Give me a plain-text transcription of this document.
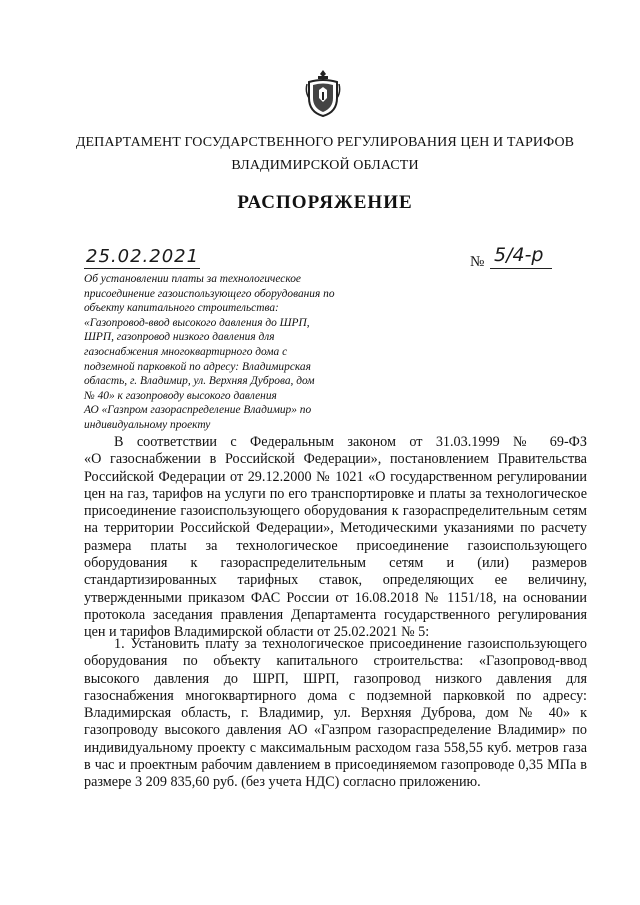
ДЕПАРТАМЕНТ ГОСУДАРСТВЕННОГО РЕГУЛИРОВАНИЯ ЦЕН И ТАРИФОВ
ВЛАДИМИРСКОЙ ОБЛАСТИ
РАСПОРЯЖЕНИЕ
25.02.2021	№ 5/4-р
Об установлении платы за технологическое
присоединение газоиспользующего оборудования по
объекту капитального строительства:
«Газопровод-ввод высокого давления до ШРП,
ШРП, газопровод низкого давления для
газоснабжения многоквартирного дома с
подземной парковкой по адресу: Владимирская
область, г. Владимир, ул. Верхняя Дуброва, дом
№ 40» к газопроводу высокого давления
АО «Газпром газораспределение Владимир» по
индивидуальному проекту
В соответствии с Федеральным законом от 31.03.1999 № 69-ФЗ
«О газоснабжении в Российской Федерации», постановлением Правительства
Российской Федерации от 29.12.2000 № 1021 «О государственном регулировании
цен на газ, тарифов на услуги по его транспортировке и платы за технологическое
присоединение газоиспользующего оборудования к газораспределительным сетям
на территории Российской Федерации», Методическими указаниями по расчету
размера платы за технологическое присоединение газоиспользующего
оборудования к газораспределительным сетям и (или) размеров
стандартизированных тарифных ставок, определяющих ее величину,
утвержденными приказом ФАС России от 16.08.2018 № 1151/18, на основании
протокола заседания правления Департамента государственного регулирования
цен и тарифов Владимирской области от 25.02.2021 № 5:
1. Установить плату за технологическое присоединение газоиспользующего
оборудования по объекту капитального строительства: «Газопровод-ввод
высокого давления до ШРП, ШРП, газопровод низкого давления для
газоснабжения многоквартирного дома с подземной парковкой по адресу:
Владимирская область, г. Владимир, ул. Верхняя Дуброва, дом № 40» к
газопроводу высокого давления АО «Газпром газораспределение Владимир» по
индивидуальному проекту с максимальным расходом газа 558,55 куб. метров газа
в час и проектным рабочим давлением в присоединяемом газопроводе 0,35 МПа в
размере 3 209 835,60 руб. (без учета НДС) согласно приложению.
